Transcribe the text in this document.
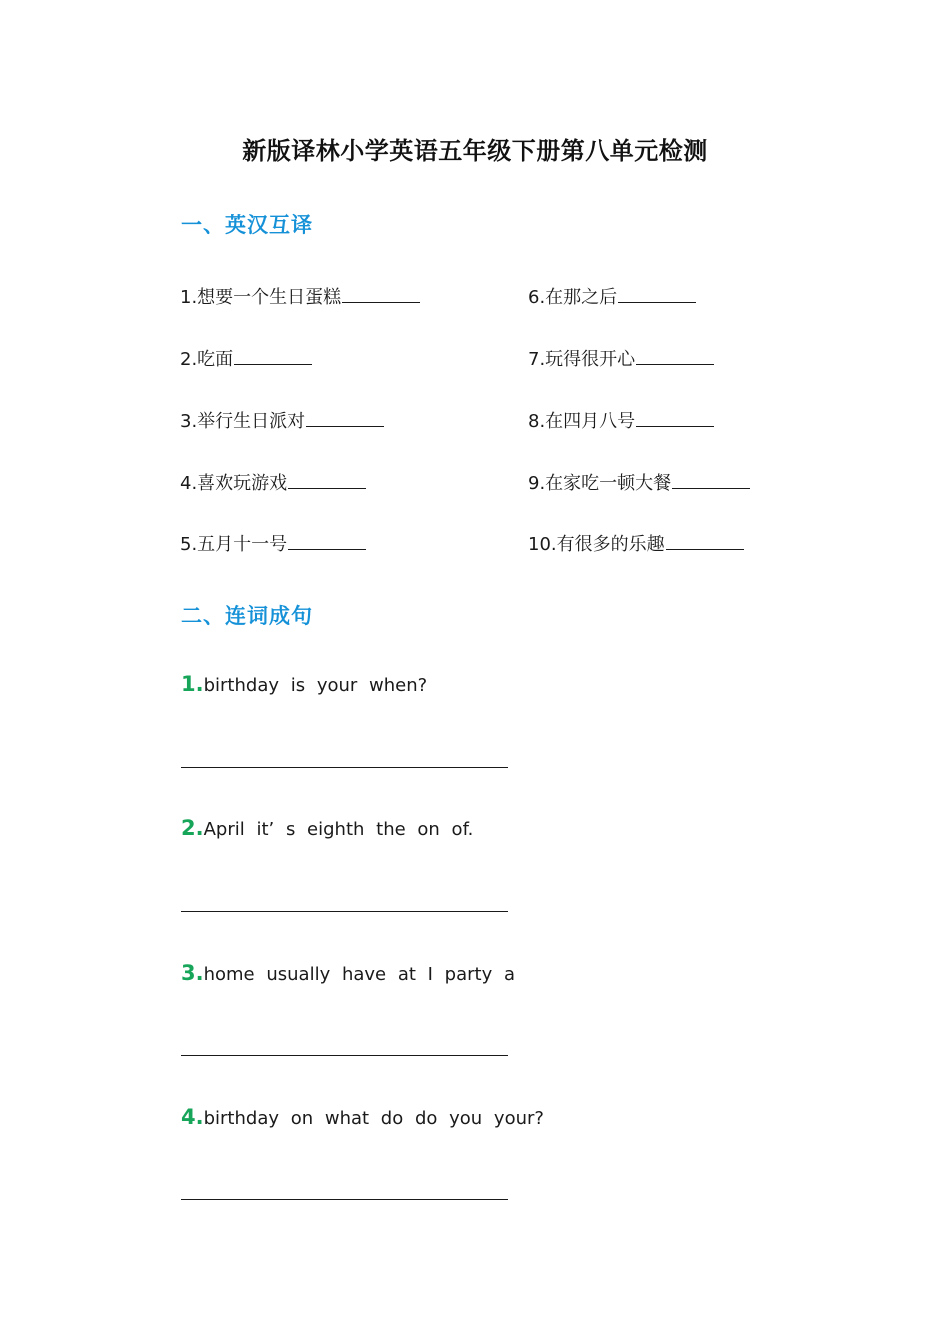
新版译林小学英语五年级下册第八单元检测
一、英汉互译
1.想要一个生日蛋糕
2.吃面
3.举行生日派对
4.喜欢玩游戏
5.五月十一号
6.在那之后
7.玩得很开心
8.在四月八号
9.在家吃一顿大餐
10.有很多的乐趣
二、连词成句
1.birthday is your when?
2.April it’ s eighth the on of.
3.home usually have at I party a
4.birthday on what do do you your?
